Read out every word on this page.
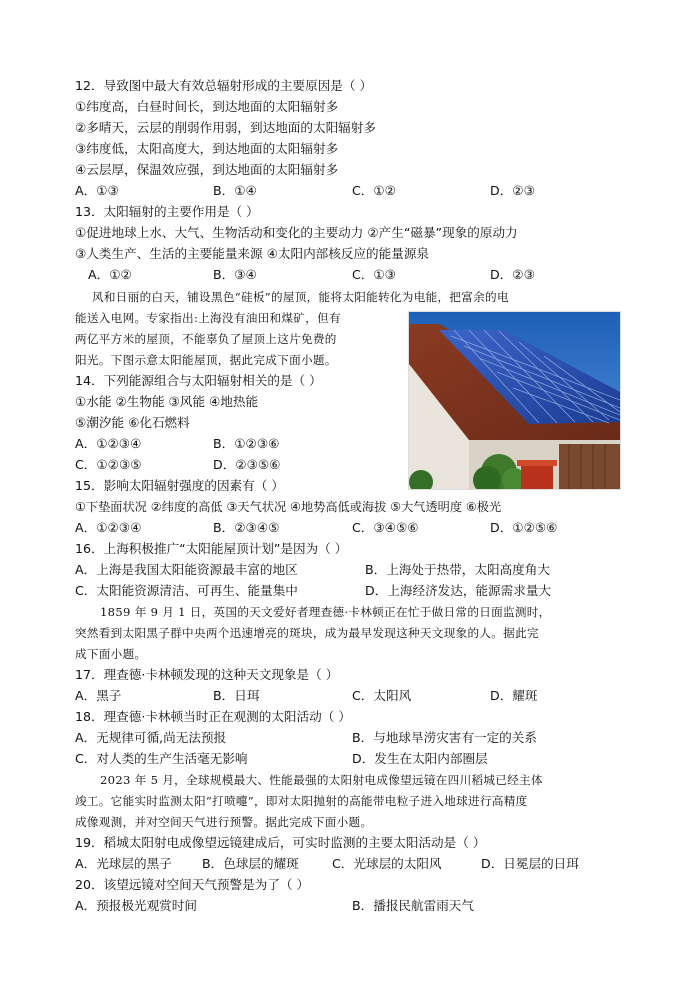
12．导致图中最大有效总辐射形成的主要原因是（ ）
①纬度高，白昼时间长，到达地面的太阳辐射多
②多晴天，云层的削弱作用弱，到达地面的太阳辐射多
③纬度低，太阳高度大，到达地面的太阳辐射多
④云层厚，保温效应强，到达地面的太阳辐射多
A．①③	B．①④	C．①②	D．②③
13．太阳辐射的主要作用是（ ）
①促进地球上水、大气、生物活动和变化的主要动力 ②产生“磁暴”现象的原动力
③人类生产、生活的主要能量来源 ④太阳内部核反应的能量源泉
A．①②	B．③④	C．①③	D．②③
风和日丽的白天，铺设黑色“硅板”的屋顶，能将太阳能转化为电能，把富余的电
能送入电网。专家指出:上海没有油田和煤矿，但有
两亿平方米的屋顶，不能辜负了屋顶上这片免费的
阳光。下图示意太阳能屋顶，据此完成下面小题。
14．下列能源组合与太阳辐射相关的是（ ）
①水能 ②生物能 ③风能 ④地热能
⑤潮汐能 ⑥化石燃料
A．①②③④	B．①②③⑥
C．①②③⑤	D．②③⑤⑥
15．影响太阳辐射强度的因素有（ ）
①下垫面状况 ②纬度的高低 ③天气状况 ④地势高低或海拔 ⑤大气透明度 ⑥极光
A．①②③④	B．②③④⑤	C．③④⑤⑥	D．①②⑤⑥
16．上海积极推广“太阳能屋顶计划”是因为（ ）
A．上海是我国太阳能资源最丰富的地区	B．上海处于热带，太阳高度角大
C．太阳能资源清洁、可再生、能量集中	D．上海经济发达，能源需求量大
1859 年 9 月 1 日，英国的天文爱好者理查德·卡林顿正在忙于做日常的日面监测时，
突然看到太阳黑子群中央两个迅速增亮的斑块，成为最早发现这种天文现象的人。据此完
成下面小题。
17．理查德·卡林顿发现的这种天文现象是（ ）
A．黑子	B．日珥	C．太阳风	D．耀斑
18．理查德·卡林顿当时正在观测的太阳活动（ ）
A．无规律可循,尚无法预报	B．与地球旱涝灾害有一定的关系
C．对人类的生产生活毫无影响	D．发生在太阳内部圈层
2023 年 5 月，全球规模最大、性能最强的太阳射电成像望远镜在四川稻城已经主体
竣工。它能实时监测太阳“打喷嚏”，即对太阳抛射的高能带电粒子进入地球进行高精度
成像观测，并对空间天气进行预警。据此完成下面小题。
19．稻城太阳射电成像望远镜建成后，可实时监测的主要太阳活动是（ ）
A．光球层的黑子 B．色球层的耀斑	C．光球层的太阳风	D．日冕层的日珥
20．该望远镜对空间天气预警是为了（ ）
A．预报极光观赏时间	B．播报民航雷雨天气
